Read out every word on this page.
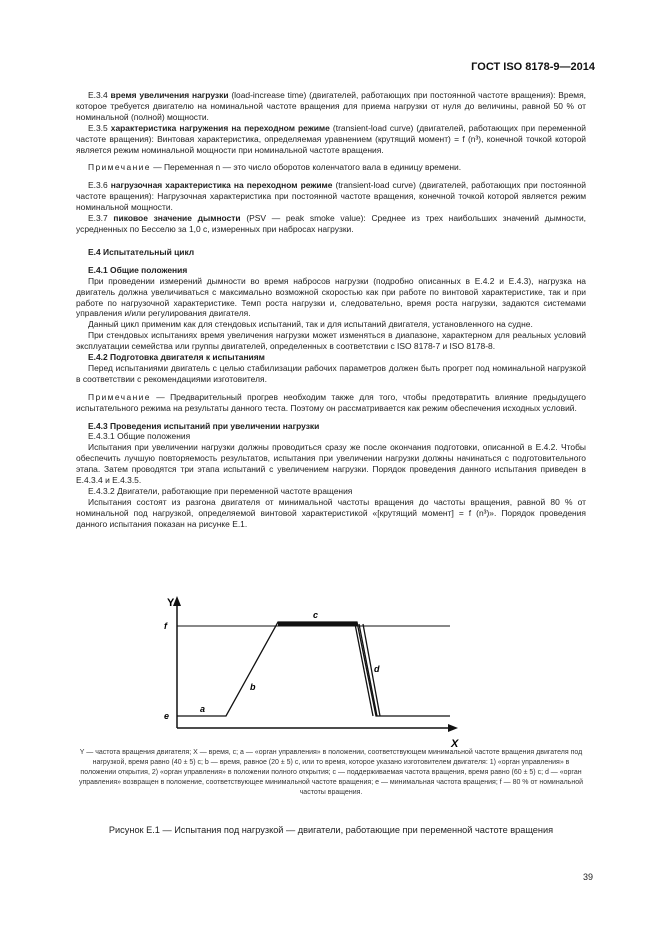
ГОСТ ISO 8178-9—2014

E.3.4 время увеличения нагрузки (load-increase time) (двигателей, работающих при постоянной частоте вращения): Время, которое требуется двигателю на номинальной частоте вращения для приема нагрузки от нуля до величины, равной 50 % от номинальной (полной) мощности.

E.3.5 характеристика нагружения на переходном режиме (transient-load curve) (двигателей, работающих при переменной частоте вращения): Винтовая характеристика, определяемая уравнением (крутящий момент) = f (n³), конечной точкой которой является режим номинальной мощности при номинальной частоте вращения.

Примечание — Переменная n — это число оборотов коленчатого вала в единицу времени.

E.3.6 нагрузочная характеристика на переходном режиме (transient-load curve) (двигателей, работающих при постоянной частоте вращения): Нагрузочная характеристика при постоянной частоте вращения, конечной точкой которой является режим номинальной мощности.

E.3.7 пиковое значение дымности (PSV — peak smoke value): Среднее из трех наибольших значений дымности, усредненных по Бесселю за 1,0 с, измеренных при набросах нагрузки.

E.4 Испытательный цикл

E.4.1 Общие положения

При проведении измерений дымности во время набросов нагрузки (подробно описанных в E.4.2 и E.4.3), нагрузка на двигатель должна увеличиваться с максимально возможной скоростью как при работе по винтовой характеристике, так и при работе по нагрузочной характеристике. Темп роста нагрузки и, следовательно, время роста нагрузки, задаются системами управления и/или регулирования двигателя.

Данный цикл применим как для стендовых испытаний, так и для испытаний двигателя, установленного на судне.

При стендовых испытаниях время увеличения нагрузки может изменяться в диапазоне, характерном для реальных условий эксплуатации семейства или группы двигателей, определенных в соответствии с ISO 8178-7 и ISO 8178-8.

E.4.2 Подготовка двигателя к испытаниям

Перед испытаниями двигатель с целью стабилизации рабочих параметров должен быть прогрет под номинальной нагрузкой в соответствии с рекомендациями изготовителя.

Примечание — Предварительный прогрев необходим также для того, чтобы предотвратить влияние предыдущего испытательного режима на результаты данного теста. Поэтому он рассматривается как режим обеспечения исходных условий.

E.4.3 Проведения испытаний при увеличении нагрузки

E.4.3.1 Общие положения

Испытания при увеличении нагрузки должны проводиться сразу же после окончания подготовки, описанной в E.4.2. Чтобы обеспечить лучшую повторяемость результатов, испытания при увеличении нагрузки должны начинаться с подготовительного этапа. Затем проводятся три этапа испытаний с увеличением нагрузки. Порядок проведения данного испытания приведен в E.4.3.4 и E.4.3.5.

E.4.3.2 Двигатели, работающие при переменной частоте вращения

Испытания состоят из разгона двигателя от минимальной частоты вращения до частоты вращения, равной 80 % от номинальной под нагрузкой, определяемой винтовой характеристикой «[крутящий момент] = f (n³)». Порядок проведения данного испытания показан на рисунке E.1.

Y
X
f
e
a
b
c
d
Y — частота вращения двигателя; X — время, c; a — «орган управления» в положении, соответствующем минимальной частоте вращения двигателя под нагрузкой, время равно (40 ± 5) c; b — время, равное (20 ± 5) c, или то время, которое указано изготовителем двигателя: 1) «орган управления» в положении открытия, 2) «орган управления» в положении полного открытия; c — поддерживаемая частота вращения, время равно (60 ± 5) c; d — «орган управления» возвращен в положение, соответствующее минимальной частоте вращения; e — минимальная частота вращения; f — 80 % от номинальной частоты вращения.
Рисунок E.1 — Испытания под нагрузкой — двигатели, работающие при переменной частоте вращения
39
